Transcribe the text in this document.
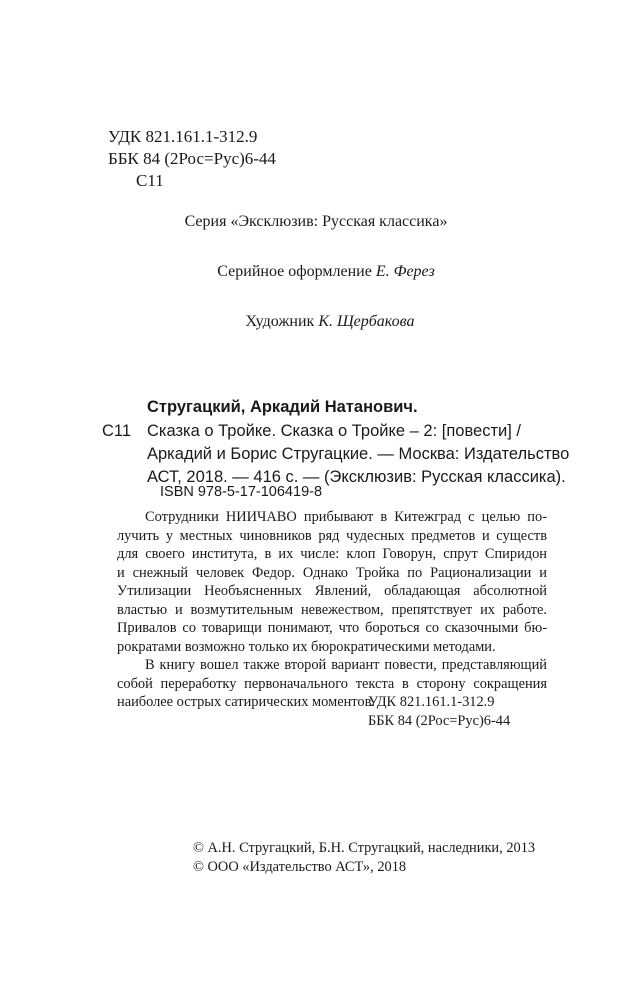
УДК 821.161.1-312.9
ББК 84 (2Рос=Рус)6-44
С11
Серия «Эксклюзив: Русская классика»
Серийное оформление Е. Ферез
Художник К. Щербакова
Стругацкий, Аркадий Натанович.
С11 Сказка о Тройке. Сказка о Тройке – 2: [повести] /
Аркадий и Борис Стругацкие. — Москва: Издательство
АСТ, 2018. — 416 с. — (Эксклюзив: Русская классика).
ISBN 978-5-17-106419-8
Сотрудники НИИЧАВО прибывают в Китежград с целью по-
лучить у местных чиновников ряд чудесных предметов и существ
для своего института, в их числе: клоп Говорун, спрут Спиридон
и снежный человек Федор. Однако Тройка по Рационализации и
Утилизации Необъясненных Явлений, обладающая абсолютной
властью и возмутительным невежеством, препятствует их работе.
Привалов со товарищи понимают, что бороться со сказочными бю-
рократами возможно только их бюрократическими методами.
В книгу вошел также второй вариант повести, представляющий
собой переработку первоначального текста в сторону сокращения
наиболее острых сатирических моментов.
УДК 821.161.1-312.9
ББК 84 (2Рос=Рус)6-44
© А.Н. Стругацкий, Б.Н. Стругацкий, наследники, 2013
© ООО «Издательство АСТ», 2018
